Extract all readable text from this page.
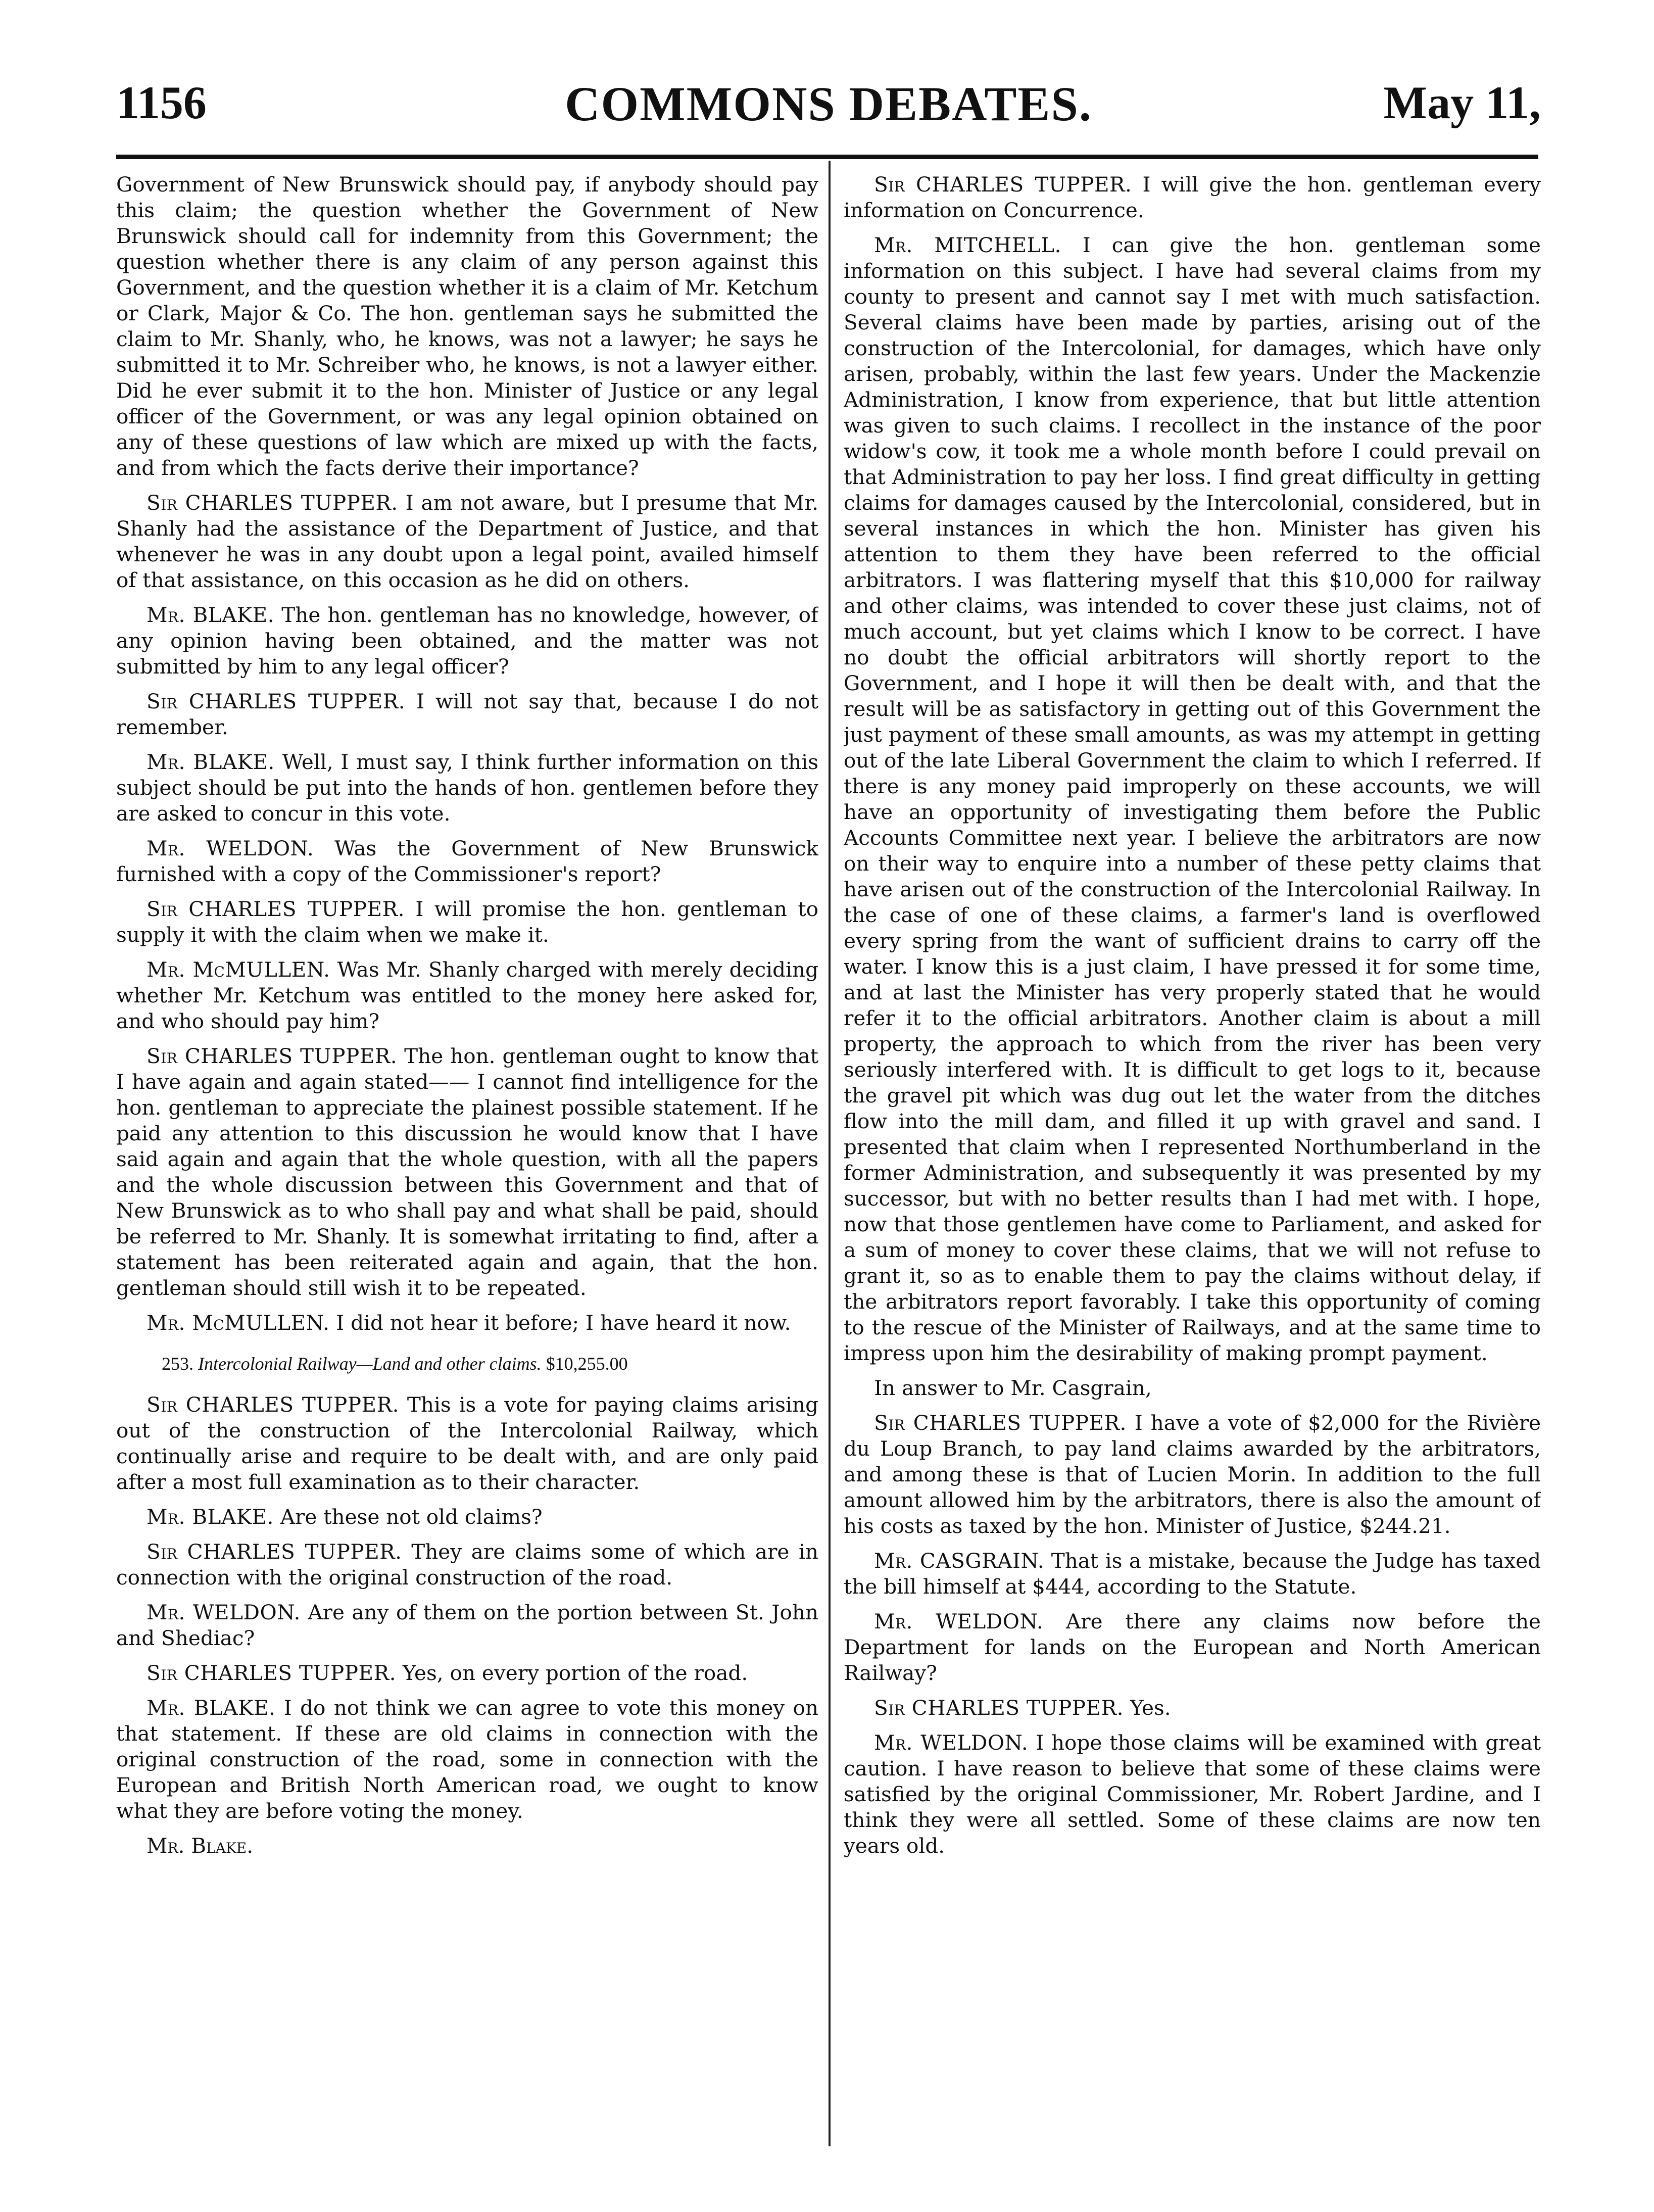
1156	COMMONS DEBATES.	May 11,

Government of New Brunswick should pay, if anybody should pay this claim; the question whether the Government of New Brunswick should call for indemnity from this Government; the question whether there is any claim of any person against this Government, and the question whether it is a claim of Mr. Ketchum or Clark, Major & Co. The hon. gentleman says he submitted the claim to Mr. Shanly, who, he knows, was not a lawyer; he says he submitted it to Mr. Schreiber who, he knows, is not a lawyer either. Did he ever submit it to the hon. Minister of Justice or any legal officer of the Government, or was any legal opinion obtained on any of these questions of law which are mixed up with the facts, and from which the facts derive their importance?

Sir CHARLES TUPPER. I am not aware, but I presume that Mr. Shanly had the assistance of the Department of Justice, and that whenever he was in any doubt upon a legal point, availed himself of that assistance, on this occasion as he did on others.

Mr. BLAKE. The hon. gentleman has no knowledge, however, of any opinion having been obtained, and the matter was not submitted by him to any legal officer?

Sir CHARLES TUPPER. I will not say that, because I do not remember.

Mr. BLAKE. Well, I must say, I think further information on this subject should be put into the hands of hon. gentlemen before they are asked to concur in this vote.

Mr. WELDON. Was the Government of New Brunswick furnished with a copy of the Commissioner's report?

Sir CHARLES TUPPER. I will promise the hon. gentleman to supply it with the claim when we make it.

Mr. McMULLEN. Was Mr. Shanly charged with merely deciding whether Mr. Ketchum was entitled to the money here asked for, and who should pay him?

Sir CHARLES TUPPER. The hon. gentleman ought to know that I have again and again stated—— I cannot find intelligence for the hon. gentleman to appreciate the plainest possible statement. If he paid any attention to this discussion he would know that I have said again and again that the whole question, with all the papers and the whole discussion between this Government and that of New Brunswick as to who shall pay and what shall be paid, should be referred to Mr. Shanly. It is somewhat irritating to find, after a statement has been reiterated again and again, that the hon. gentleman should still wish it to be repeated.

Mr. McMULLEN. I did not hear it before; I have heard it now.

253. Intercolonial Railway—Land and other claims. $10,255.00

Sir CHARLES TUPPER. This is a vote for paying claims arising out of the construction of the Intercolonial Railway, which continually arise and require to be dealt with, and are only paid after a most full examination as to their character.

Mr. BLAKE. Are these not old claims?

Sir CHARLES TUPPER. They are claims some of which are in connection with the original construction of the road.

Mr. WELDON. Are any of them on the portion between St. John and Shediac?

Sir CHARLES TUPPER. Yes, on every portion of the road.

Mr. BLAKE. I do not think we can agree to vote this money on that statement. If these are old claims in connection with the original construction of the road, some in connection with the European and British North American road, we ought to know what they are before voting the money.

Mr. Blake.

Sir CHARLES TUPPER. I will give the hon. gentleman every information on Concurrence.

Mr. MITCHELL. I can give the hon. gentleman some information on this subject. I have had several claims from my county to present and cannot say I met with much satisfaction. Several claims have been made by parties, arising out of the construction of the Intercolonial, for damages, which have only arisen, probably, within the last few years. Under the Mackenzie Administration, I know from experience, that but little attention was given to such claims. I recollect in the instance of the poor widow's cow, it took me a whole month before I could prevail on that Administration to pay her loss. I find great difficulty in getting claims for damages caused by the Intercolonial, considered, but in several instances in which the hon. Minister has given his attention to them they have been referred to the official arbitrators. I was flattering myself that this $10,000 for railway and other claims, was intended to cover these just claims, not of much account, but yet claims which I know to be correct. I have no doubt the official arbitrators will shortly report to the Government, and I hope it will then be dealt with, and that the result will be as satisfactory in getting out of this Government the just payment of these small amounts, as was my attempt in getting out of the late Liberal Government the claim to which I referred. If there is any money paid improperly on these accounts, we will have an opportunity of investigating them before the Public Accounts Committee next year. I believe the arbitrators are now on their way to enquire into a number of these petty claims that have arisen out of the construction of the Intercolonial Railway. In the case of one of these claims, a farmer's land is overflowed every spring from the want of sufficient drains to carry off the water. I know this is a just claim, I have pressed it for some time, and at last the Minister has very properly stated that he would refer it to the official arbitrators. Another claim is about a mill property, the approach to which from the river has been very seriously interfered with. It is difficult to get logs to it, because the gravel pit which was dug out let the water from the ditches flow into the mill dam, and filled it up with gravel and sand. I presented that claim when I represented Northumberland in the former Administration, and subsequently it was presented by my successor, but with no better results than I had met with. I hope, now that those gentlemen have come to Parliament, and asked for a sum of money to cover these claims, that we will not refuse to grant it, so as to enable them to pay the claims without delay, if the arbitrators report favorably. I take this opportunity of coming to the rescue of the Minister of Railways, and at the same time to impress upon him the desirability of making prompt payment.

In answer to Mr. Casgrain,

Sir CHARLES TUPPER. I have a vote of $2,000 for the Rivière du Loup Branch, to pay land claims awarded by the arbitrators, and among these is that of Lucien Morin. In addition to the full amount allowed him by the arbitrators, there is also the amount of his costs as taxed by the hon. Minister of Justice, $244.21.

Mr. CASGRAIN. That is a mistake, because the Judge has taxed the bill himself at $444, according to the Statute.

Mr. WELDON. Are there any claims now before the Department for lands on the European and North American Railway?

Sir CHARLES TUPPER. Yes.

Mr. WELDON. I hope those claims will be examined with great caution. I have reason to believe that some of these claims were satisfied by the original Commissioner, Mr. Robert Jardine, and I think they were all settled. Some of these claims are now ten years old.
